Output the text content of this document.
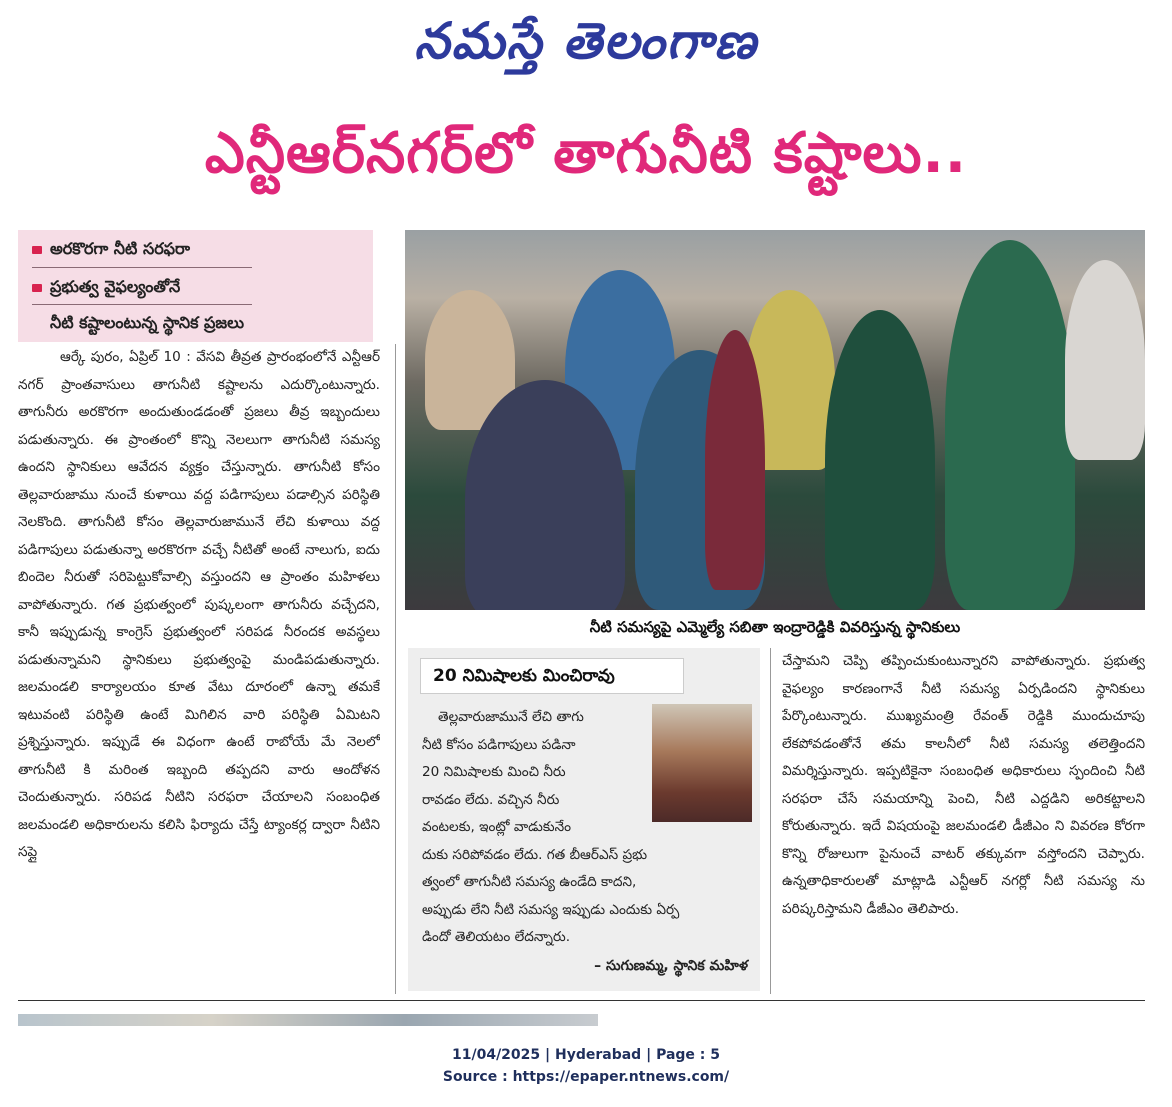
నమస్తే తెలంగాణ
ఎన్టీఆర్‌నగర్‌లో తాగునీటి కష్టాలు..
అరకొరగా నీటి సరఫరా
ప్రభుత్వ వైఫల్యంతోనే
నీటి కష్టాలంటున్న స్థానిక ప్రజలు

ఆర్కే పురం, ఏప్రిల్ 10 : వేసవి తీవ్రత ప్రారంభంలోనే ఎన్టీఆర్ నగర్ ప్రాంతవాసులు తాగునీటి కష్టాలను ఎదుర్కొంటున్నారు. తాగునీరు అరకొరగా అందుతుండడంతో ప్రజలు తీవ్ర ఇబ్బందులు పడుతున్నారు. ఈ ప్రాంతంలో కొన్ని నెలలుగా తాగునీటి సమస్య ఉందని స్థానికులు ఆవేదన వ్యక్తం చేస్తున్నారు. తాగునీటి కోసం తెల్లవారుజాము నుంచే కుళాయి వద్ద పడిగాపులు పడాల్సిన పరిస్థితి నెలకొంది. తాగునీటి కోసం తెల్లవారుజామునే లేచి కుళాయి వద్ద పడిగాపులు పడుతున్నా అరకొరగా వచ్చే నీటితో అంటే నాలుగు, ఐదు బిందెల నీరుతో సరిపెట్టుకోవాల్సి వస్తుందని ఆ ప్రాంతం మహిళలు వాపోతున్నారు. గత ప్రభుత్వంలో పుష్కలంగా తాగునీరు వచ్చేదని, కానీ ఇప్పుడున్న కాంగ్రెస్ ప్రభుత్వంలో సరిపడ నీరందక అవస్థలు పడుతున్నామని స్థానికులు ప్రభుత్వంపై మండిపడుతున్నారు. జలమండలి కార్యాలయం కూత వేటు దూరంలో ఉన్నా తమకే ఇటువంటి పరిస్థితి ఉంటే మిగిలిన వారి పరిస్థితి ఏమిటని ప్రశ్నిస్తున్నారు. ఇప్పుడే ఈ విధంగా ఉంటే రాబోయే మే నెలలో తాగునీటి కి మరింత ఇబ్బంది తప్పదని వారు ఆందోళన చెందుతున్నారు. సరిపడ నీటిని సరఫరా చేయాలని సంబంధిత జలమండలి అధికారులను కలిసి ఫిర్యాదు చేస్తే ట్యాంకర్ల ద్వారా నీటిని సప్లై

నీటి సమస్యపై ఎమ్మెల్యే సబితా ఇంద్రారెడ్డికి వివరిస్తున్న స్థానికులు
20 నిమిషాలకు మించిరావు
తెల్లవారుజామునే లేచి తాగు
నీటి కోసం పడిగాపులు పడినా
20 నిమిషాలకు మించి నీరు
రావడం లేదు. వచ్చిన నీరు
వంటలకు, ఇంట్లో వాడుకునేం
దుకు సరిపోవడం లేదు. గత బీఆర్ఎస్ ప్రభు
త్వంలో తాగునీటి సమస్య ఉండేది కాదని,
అప్పుడు లేని నీటి సమస్య ఇప్పుడు ఎందుకు ఏర్ప
డిందో తెలియటం లేదన్నారు.
– సుగుణమ్మ, స్థానిక మహిళ

చేస్తామని చెప్పి తప్పించుకుంటున్నారని వాపోతున్నారు. ప్రభుత్వ వైఫల్యం కారణంగానే నీటి సమస్య ఏర్పడిందని స్థానికులు పేర్కొంటున్నారు. ముఖ్యమంత్రి రేవంత్ రెడ్డికి ముందుచూపు లేకపోవడంతోనే తమ కాలనీలో నీటి సమస్య తలెత్తిందని విమర్శిస్తున్నారు. ఇప్పటికైనా సంబంధిత అధికారులు స్పందించి నీటి సరఫరా చేసే సమయాన్ని పెంచి, నీటి ఎద్దడిని అరికట్టాలని కోరుతున్నారు. ఇదే విషయంపై జలమండలి డీజీఎం ని వివరణ కోరగా కొన్ని రోజులుగా పైనుంచే వాటర్ తక్కువగా వస్తోందని చెప్పారు. ఉన్నతాధికారులతో మాట్లాడి ఎన్టీఆర్ నగర్లో నీటి సమస్య ను పరిష్కరిస్తామని డీజీఎం తెలిపారు.

11/04/2025 | Hyderabad | Page : 5
Source : https://epaper.ntnews.com/
